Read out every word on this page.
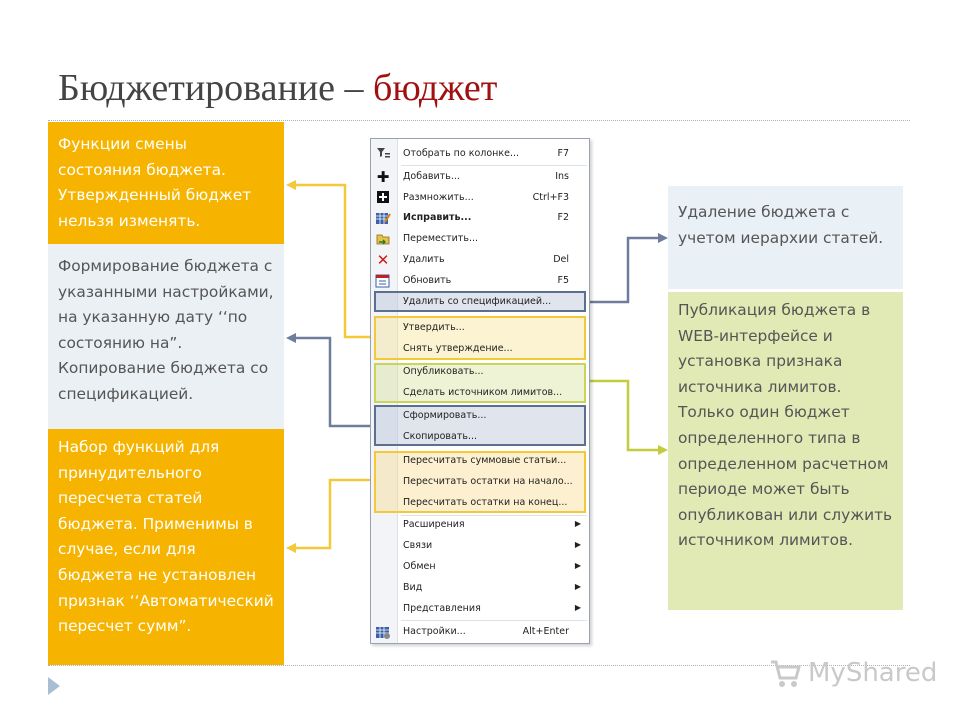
Бюджетирование – бюджет
Функции смены состояния бюджета. Утвержденный бюджет нельзя изменять.
Формирование бюджета с указанными настройками, на указанную дату ‘‘по состоянию на”. Копирование бюджета со спецификацией.
Набор функций для принудительного пересчета статей бюджета. Применимы в случае, если для бюджета не установлен признак ‘‘Автоматический пересчет сумм”.
Удаление бюджета с учетом иерархии статей.
Публикация бюджета в WEB-интерфейсе и установка признака источника лимитов. Только один бюджет определенного типа в определенном расчетном периоде может быть опубликован или служить источником лимитов.
Отобрать по колонке...	F7
✚ Добавить...	Ins
Размножить...	Ctrl+F3
Исправить...	F2
Переместить...
✕ Удалить	Del
Обновить	F5
Удалить со спецификацией...
Утвердить...
Снять утверждение...
Опубликовать...
Сделать источником лимитов...
Сформировать...
Скопировать...
Пересчитать суммовые статьи...
Пересчитать остатки на начало...
Пересчитать остатки на конец...
Расширения	▶
Связи	▶
Обмен	▶
Вид	▶
Представления	▶
Настройки...	Alt+Enter
MyShared
